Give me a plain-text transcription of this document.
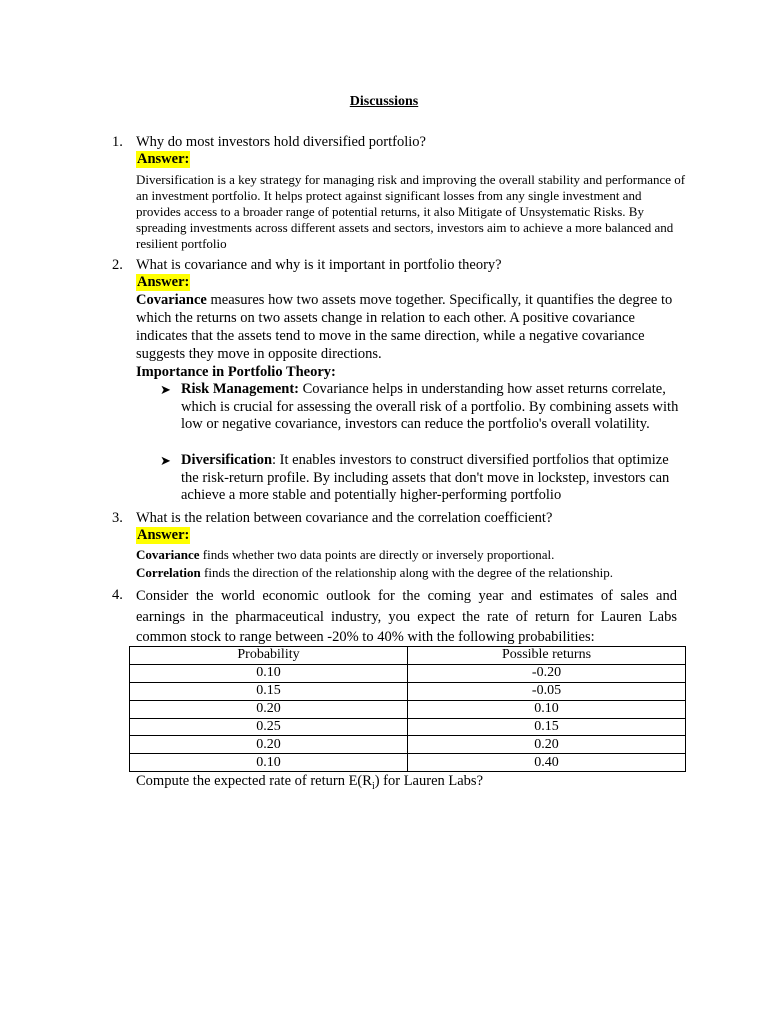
Discussions
1. Why do most investors hold diversified portfolio?
Answer:

Diversification is a key strategy for managing risk and improving the overall stability and performance of an investment portfolio. It helps protect against significant losses from any single investment and provides access to a broader range of potential returns, it also Mitigate of Unsystematic Risks. By spreading investments across different assets and sectors, investors aim to achieve a more balanced and resilient portfolio

2. What is covariance and why is it important in portfolio theory?
Answer:

Covariance measures how two assets move together. Specifically, it quantifies the degree to which the returns on two assets change in relation to each other. A positive covariance indicates that the assets tend to move in the same direction, while a negative covariance suggests they move in opposite directions.

Importance in Portfolio Theory:
➤ Risk Management: Covariance helps in understanding how asset returns correlate, which is crucial for assessing the overall risk of a portfolio. By combining assets with low or negative covariance, investors can reduce the portfolio's overall volatility.
➤ Diversification: It enables investors to construct diversified portfolios that optimize the risk-return profile. By including assets that don't move in lockstep, investors can achieve a more stable and potentially higher-performing portfolio
3. What is the relation between covariance and the correlation coefficient?
Answer:

Covariance finds whether two data points are directly or inversely proportional.

Correlation finds the direction of the relationship along with the degree of the relationship.

4. Consider the world economic outlook for the coming year and estimates of sales and earnings in the pharmaceutical industry, you expect the rate of return for Lauren Labs common stock to range between -20% to 40% with the following probabilities:
Probability	Possible returns
0.10	-0.20
0.15	-0.05
0.20	0.10
0.25	0.15
0.20	0.20
0.10	0.40
Compute the expected rate of return $E(R_i)$ for Lauren Labs?
